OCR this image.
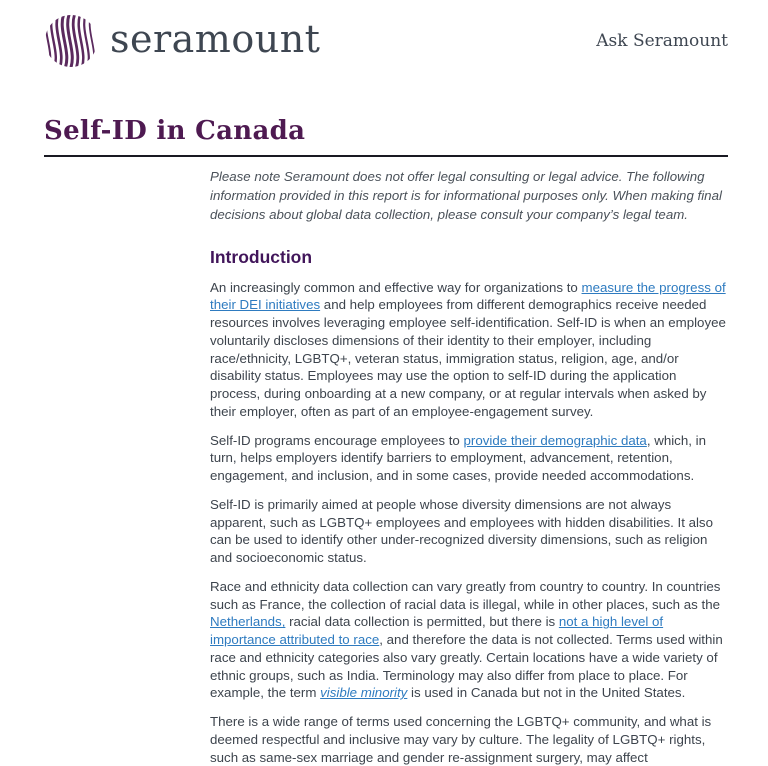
seramount	Ask Seramount
Self-ID in Canada

Please note Seramount does not offer legal consulting or legal advice. The following information provided in this report is for informational purposes only. When making final decisions about global data collection, please consult your company’s legal team.

Introduction

An increasingly common and effective way for organizations to measure the progress of their DEI initiatives and help employees from different demographics receive needed resources involves leveraging employee self-identification. Self-ID is when an employee voluntarily discloses dimensions of their identity to their employer, including race/ethnicity, LGBTQ+, veteran status, immigration status, religion, age, and/or disability status. Employees may use the option to self-ID during the application process, during onboarding at a new company, or at regular intervals when asked by their employer, often as part of an employee-engagement survey.

Self-ID programs encourage employees to provide their demographic data, which, in turn, helps employers identify barriers to employment, advancement, retention, engagement, and inclusion, and in some cases, provide needed accommodations.

Self-ID is primarily aimed at people whose diversity dimensions are not always apparent, such as LGBTQ+ employees and employees with hidden disabilities. It also can be used to identify other under-recognized diversity dimensions, such as religion and socioeconomic status.

Race and ethnicity data collection can vary greatly from country to country. In countries such as France, the collection of racial data is illegal, while in other places, such as the Netherlands, racial data collection is permitted, but there is not a high level of importance attributed to race, and therefore the data is not collected. Terms used within race and ethnicity categories also vary greatly. Certain locations have a wide variety of ethnic groups, such as India. Terminology may also differ from place to place. For example, the term visible minority is used in Canada but not in the United States.

There is a wide range of terms used concerning the LGBTQ+ community, and what is deemed respectful and inclusive may vary by culture. The legality of LGBTQ+ rights, such as same-sex marriage and gender re-assignment surgery, may affect
